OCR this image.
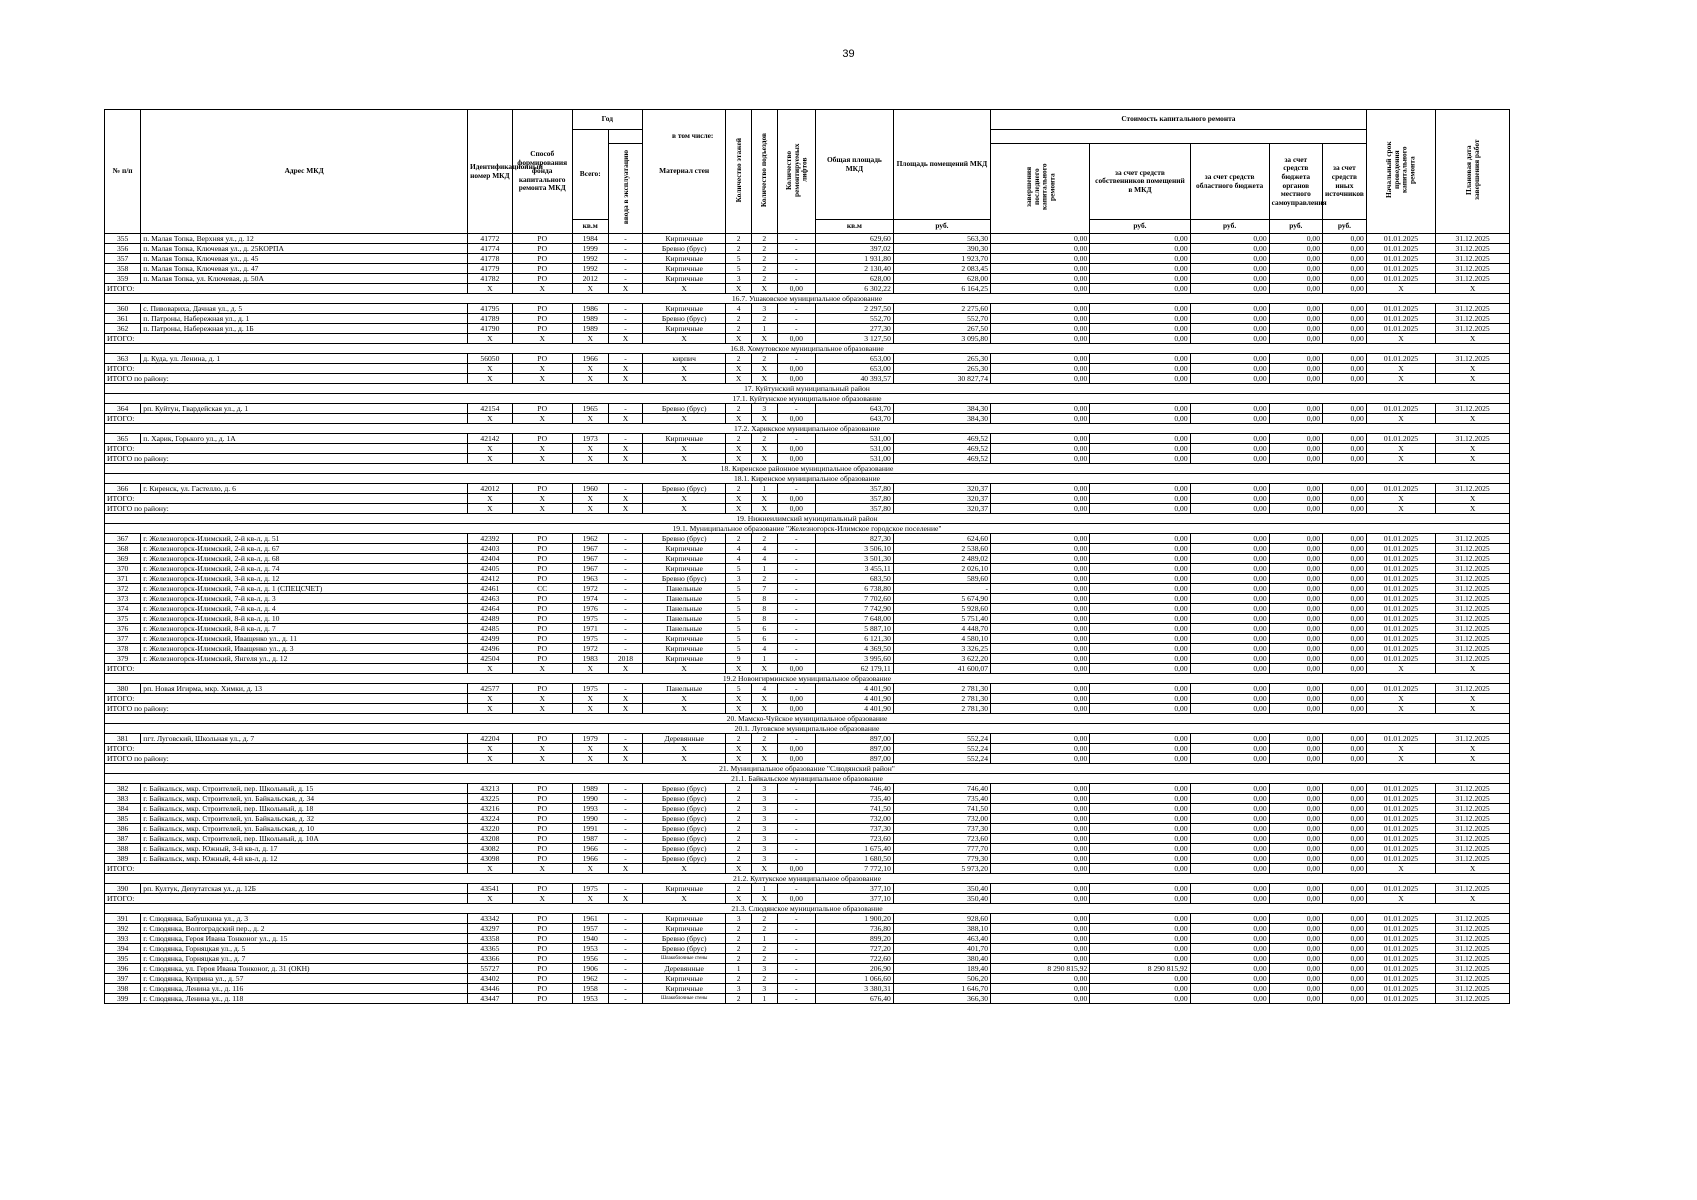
39
№ п/п	Адрес МКД	Идентификационный номер МКД	Способ формирования фонда капитального ремонта МКД	Год		Материал стен	Количество этажей	Количество подъездов	Количество ремонтируемых лифтов	Общая площадь МКД	Площадь помещений МКД	Стоимость капитального ремонта					Начальный срок проведения капитального ремонта	Плановая дата завершения работ
				Всего:	в том числе:													
					ввода в эксплуатацию							завершения последнего капитального ремонта	за счет средств собственников помещений в МКД	за счет средств областного бюджета	за счет средств бюджета органов местного самоуправления	за счет средств иных источников		
				кв.м						кв.м	руб.		руб.	руб.	руб.	руб.		
355	п. Малая Топка, Верхняя ул., д. 12	41772	РО	1984	-	Кирпичные	2	2	-	629,60	563,30	0,00	0,00	0,00	0,00	0,00	01.01.2025	31.12.2025
356	п. Малая Топка, Ключевая ул., д. 25КОРПА	41774	РО	1999	-	Бревно (брус)	2	2	-	397,02	390,30	0,00	0,00	0,00	0,00	0,00	01.01.2025	31.12.2025
357	п. Малая Топка, Ключевая ул., д. 45	41778	РО	1992	-	Кирпичные	5	2	-	1 931,80	1 923,70	0,00	0,00	0,00	0,00	0,00	01.01.2025	31.12.2025
358	п. Малая Топка, Ключевая ул., д. 47	41779	РО	1992	-	Кирпичные	5	2	-	2 130,40	2 083,45	0,00	0,00	0,00	0,00	0,00	01.01.2025	31.12.2025
359	п. Малая Топка, ул. Ключевая, д. 50А	41782	РО	2012	-	Кирпичные	3	2	-	628,00	628,00	0,00	0,00	0,00	0,00	0,00	01.01.2025	31.12.2025
ИТОГО:		X	X	X	X	X	X	X	0,00	6 302,22	6 164,25	0,00	0,00	0,00	0,00	0,00	X	X
16.7. Ушаковское муниципальное образование																		
360	с. Пивовариха, Дачная ул., д. 5	41795	РО	1986	-	Кирпичные	4	3	-	2 297,50	2 275,60	0,00	0,00	0,00	0,00	0,00	01.01.2025	31.12.2025
361	п. Патроны, Набережная ул., д. 1	41789	РО	1989	-	Бревно (брус)	2	2	-	552,70	552,70	0,00	0,00	0,00	0,00	0,00	01.01.2025	31.12.2025
362	п. Патроны, Набережная ул., д. 1Б	41790	РО	1989	-	Кирпичные	2	1	-	277,30	267,50	0,00	0,00	0,00	0,00	0,00	01.01.2025	31.12.2025
ИТОГО:		X	X	X	X	X	X	X	0,00	3 127,50	3 095,80	0,00	0,00	0,00	0,00	0,00	X	X
16.8. Хомутовское муниципальное образование																		
363	д. Куда, ул. Ленина, д. 1	56050	РО	1966	-	кирпич	2	2	-	653,00	265,30	0,00	0,00	0,00	0,00	0,00	01.01.2025	31.12.2025
ИТОГО:		X	X	X	X	X	X	X	0,00	653,00	265,30	0,00	0,00	0,00	0,00	0,00	X	X
ИТОГО по району:		X	X	X	X	X	X	X	0,00	40 393,57	30 827,74	0,00	0,00	0,00	0,00	0,00	X	X
17. Куйтунский муниципальный район																		
17.1. Куйтунское муниципальное образование																		
364	рп. Куйтун, Гвардейская ул., д. 1	42154	РО	1965	-	Бревно (брус)	2	3	-	643,70	384,30	0,00	0,00	0,00	0,00	0,00	01.01.2025	31.12.2025
ИТОГО:		X	X	X	X	X	X	X	0,00	643,70	384,30	0,00	0,00	0,00	0,00	0,00	X	X
17.2. Харикское муниципальное образование																		
365	п. Харик, Горького ул., д. 1А	42142	РО	1973	-	Кирпичные	2	2	-	531,00	469,52	0,00	0,00	0,00	0,00	0,00	01.01.2025	31.12.2025
ИТОГО:		X	X	X	X	X	X	X	0,00	531,00	469,52	0,00	0,00	0,00	0,00	0,00	X	X
ИТОГО по району:		X	X	X	X	X	X	X	0,00	531,00	469,52	0,00	0,00	0,00	0,00	0,00	X	X
18. Киренское районное муниципальное образование																		
18.1. Киренское муниципальное образование																		
366	г. Киренск, ул. Гастелло, д. 6	42012	РО	1960	-	Бревно (брус)	2	1	-	357,80	320,37	0,00	0,00	0,00	0,00	0,00	01.01.2025	31.12.2025
ИТОГО:		X	X	X	X	X	X	X	0,00	357,80	320,37	0,00	0,00	0,00	0,00	0,00	X	X
ИТОГО по району:		X	X	X	X	X	X	X	0,00	357,80	320,37	0,00	0,00	0,00	0,00	0,00	X	X
19. Нижнеилимский муниципальный район																		
19.1. Муниципальное образование "Железногорск-Илимское городское поселение"																		
367	г. Железногорск-Илимский, 2-й кв-л, д. 51	42392	РО	1962	-	Бревно (брус)	2	2	-	827,30	624,60	0,00	0,00	0,00	0,00	0,00	01.01.2025	31.12.2025
368	г. Железногорск-Илимский, 2-й кв-л, д. 67	42403	РО	1967	-	Кирпичные	4	4	-	3 506,10	2 538,60	0,00	0,00	0,00	0,00	0,00	01.01.2025	31.12.2025
369	г. Железногорск-Илимский, 2-й кв-л, д. 68	42404	РО	1967	-	Кирпичные	4	4	-	3 501,30	2 489,02	0,00	0,00	0,00	0,00	0,00	01.01.2025	31.12.2025
370	г. Железногорск-Илимский, 2-й кв-л, д. 74	42405	РО	1967	-	Кирпичные	5	1	-	3 455,11	2 026,10	0,00	0,00	0,00	0,00	0,00	01.01.2025	31.12.2025
371	г. Железногорск-Илимский, 3-й кв-л, д. 12	42412	РО	1963	-	Бревно (брус)	3	2	-	683,50	589,60	0,00	0,00	0,00	0,00	0,00	01.01.2025	31.12.2025
372	г. Железногорск-Илимский, 7-й кв-л, д. 1 (СПЕЦСЧЕТ)	42461	СС	1972	-	Панельные	5	7	-	6 738,80	-	0,00	0,00	0,00	0,00	0,00	01.01.2025	31.12.2025
373	г. Железногорск-Илимский, 7-й кв-л, д. 3	42463	РО	1974	-	Панельные	5	8	-	7 702,60	5 674,90	0,00	0,00	0,00	0,00	0,00	01.01.2025	31.12.2025
374	г. Железногорск-Илимский, 7-й кв-л, д. 4	42464	РО	1976	-	Панельные	5	8	-	7 742,90	5 928,60	0,00	0,00	0,00	0,00	0,00	01.01.2025	31.12.2025
375	г. Железногорск-Илимский, 8-й кв-л, д. 10	42489	РО	1975	-	Панельные	5	8	-	7 648,00	5 751,40	0,00	0,00	0,00	0,00	0,00	01.01.2025	31.12.2025
376	г. Железногорск-Илимский, 8-й кв-л, д. 7	42485	РО	1971	-	Панельные	5	6	-	5 887,10	4 448,70	0,00	0,00	0,00	0,00	0,00	01.01.2025	31.12.2025
377	г. Железногорск-Илимский, Иващенко ул., д. 11	42499	РО	1975	-	Кирпичные	5	6	-	6 121,30	4 580,10	0,00	0,00	0,00	0,00	0,00	01.01.2025	31.12.2025
378	г. Железногорск-Илимский, Иващенко ул., д. 3	42496	РО	1972	-	Кирпичные	5	4	-	4 369,50	3 326,25	0,00	0,00	0,00	0,00	0,00	01.01.2025	31.12.2025
379	г. Железногорск-Илимский, Янгеля ул., д. 12	42504	РО	1983	2018	Кирпичные	9	1	-	3 995,60	3 622,20	0,00	0,00	0,00	0,00	0,00	01.01.2025	31.12.2025
ИТОГО:		X	X	X	X	X	X	X	0,00	62 179,11	41 600,07	0,00	0,00	0,00	0,00	0,00	X	X
19.2 Новоигирминское муниципальное образование																		
380	рп. Новая Игирма, мкр. Химки, д. 13	42577	РО	1975	-	Панельные	5	4	-	4 401,90	2 781,30	0,00	0,00	0,00	0,00	0,00	01.01.2025	31.12.2025
ИТОГО:		X	X	X	X	X	X	X	0,00	4 401,90	2 781,30	0,00	0,00	0,00	0,00	0,00	X	X
ИТОГО по району:		X	X	X	X	X	X	X	0,00	4 401,90	2 781,30	0,00	0,00	0,00	0,00	0,00	X	X
20. Мамско-Чуйское муниципальное образование																		
20.1. Луговское муниципальное образование																		
381	пгт. Луговский, Школьная ул., д. 7	42204	РО	1979	-	Деревянные	2	2	-	897,00	552,24	0,00	0,00	0,00	0,00	0,00	01.01.2025	31.12.2025
ИТОГО:		X	X	X	X	X	X	X	0,00	897,00	552,24	0,00	0,00	0,00	0,00	0,00	X	X
ИТОГО по району:		X	X	X	X	X	X	X	0,00	897,00	552,24	0,00	0,00	0,00	0,00	0,00	X	X
21. Муниципальное образование "Слюдянский район"																		
21.1. Байкальское муниципальное образование																		
382	г. Байкальск, мкр. Строителей, пер. Школьный, д. 15	43213	РО	1989	-	Бревно (брус)	2	3	-	746,40	746,40	0,00	0,00	0,00	0,00	0,00	01.01.2025	31.12.2025
383	г. Байкальск, мкр. Строителей, ул. Байкальская, д. 34	43225	РО	1990	-	Бревно (брус)	2	3	-	735,40	735,40	0,00	0,00	0,00	0,00	0,00	01.01.2025	31.12.2025
384	г. Байкальск, мкр. Строителей, пер. Школьный, д. 18	43216	РО	1993	-	Бревно (брус)	2	3	-	741,50	741,50	0,00	0,00	0,00	0,00	0,00	01.01.2025	31.12.2025
385	г. Байкальск, мкр. Строителей, ул. Байкальская, д. 32	43224	РО	1990	-	Бревно (брус)	2	3	-	732,00	732,00	0,00	0,00	0,00	0,00	0,00	01.01.2025	31.12.2025
386	г. Байкальск, мкр. Строителей, ул. Байкальская, д. 10	43220	РО	1991	-	Бревно (брус)	2	3	-	737,30	737,30	0,00	0,00	0,00	0,00	0,00	01.01.2025	31.12.2025
387	г. Байкальск, мкр. Строителей, пер. Школьный, д. 10А	43208	РО	1987	-	Бревно (брус)	2	3	-	723,60	723,60	0,00	0,00	0,00	0,00	0,00	01.01.2025	31.12.2025
388	г. Байкальск, мкр. Южный, 3-й кв-л, д. 17	43082	РО	1966	-	Бревно (брус)	2	3	-	1 675,40	777,70	0,00	0,00	0,00	0,00	0,00	01.01.2025	31.12.2025
389	г. Байкальск, мкр. Южный, 4-й кв-л, д. 12	43098	РО	1966	-	Бревно (брус)	2	3	-	1 680,50	779,30	0,00	0,00	0,00	0,00	0,00	01.01.2025	31.12.2025
ИТОГО:		X	X	X	X	X	X	X	0,00	7 772,10	5 973,20	0,00	0,00	0,00	0,00	0,00	X	X
21.2. Култукское муниципальное образование																		
390	рп. Култук, Депутатская ул., д. 12Б	43541	РО	1975	-	Кирпичные	2	1	-	377,10	350,40	0,00	0,00	0,00	0,00	0,00	01.01.2025	31.12.2025
ИТОГО:		X	X	X	X	X	X	X	0,00	377,10	350,40	0,00	0,00	0,00	0,00	0,00	X	X
21.3. Слюдянское муниципальное образование																		
391	г. Слюдянка, Бабушкина ул., д. 3	43342	РО	1961	-	Кирпичные	3	2	-	1 900,20	928,60	0,00	0,00	0,00	0,00	0,00	01.01.2025	31.12.2025
392	г. Слюдянка, Волгоградский пер., д. 2	43297	РО	1957	-	Кирпичные	2	2	-	736,80	388,10	0,00	0,00	0,00	0,00	0,00	01.01.2025	31.12.2025
393	г. Слюдянка, Героя Ивана Тонконог ул., д. 15	43358	РО	1940	-	Бревно (брус)	2	1	-	899,20	463,40	0,00	0,00	0,00	0,00	0,00	01.01.2025	31.12.2025
394	г. Слюдянка, Горняцкая ул., д. 5	43365	РО	1953	-	Бревно (брус)	2	2	-	727,20	401,70	0,00	0,00	0,00	0,00	0,00	01.01.2025	31.12.2025
395	г. Слюдянка, Горняцкая ул., д. 7	43366	РО	1956	-	Шлакоблочные стены	2	2	-	722,60	380,40	0,00	0,00	0,00	0,00	0,00	01.01.2025	31.12.2025
396	г. Слюдянка, ул. Героя Ивана Тонконог, д. 31 (ОКН)	55727	РО	1906	-	Деревянные	1	3	-	206,90	189,40	8 290 815,92	8 290 815,92	0,00	0,00	0,00	01.01.2025	31.12.2025
397	г. Слюдянка, Куприна ул., д. 57	43402	РО	1962	-	Кирпичные	2	2	-	1 066,60	506,20	0,00	0,00	0,00	0,00	0,00	01.01.2025	31.12.2025
398	г. Слюдянка, Ленина ул., д. 116	43446	РО	1958	-	Кирпичные	3	3	-	3 380,31	1 646,70	0,00	0,00	0,00	0,00	0,00	01.01.2025	31.12.2025
399	г. Слюдянка, Ленина ул., д. 118	43447	РО	1953	-	Шлакоблочные стены	2	1	-	676,40	366,30	0,00	0,00	0,00	0,00	0,00	01.01.2025	31.12.2025
